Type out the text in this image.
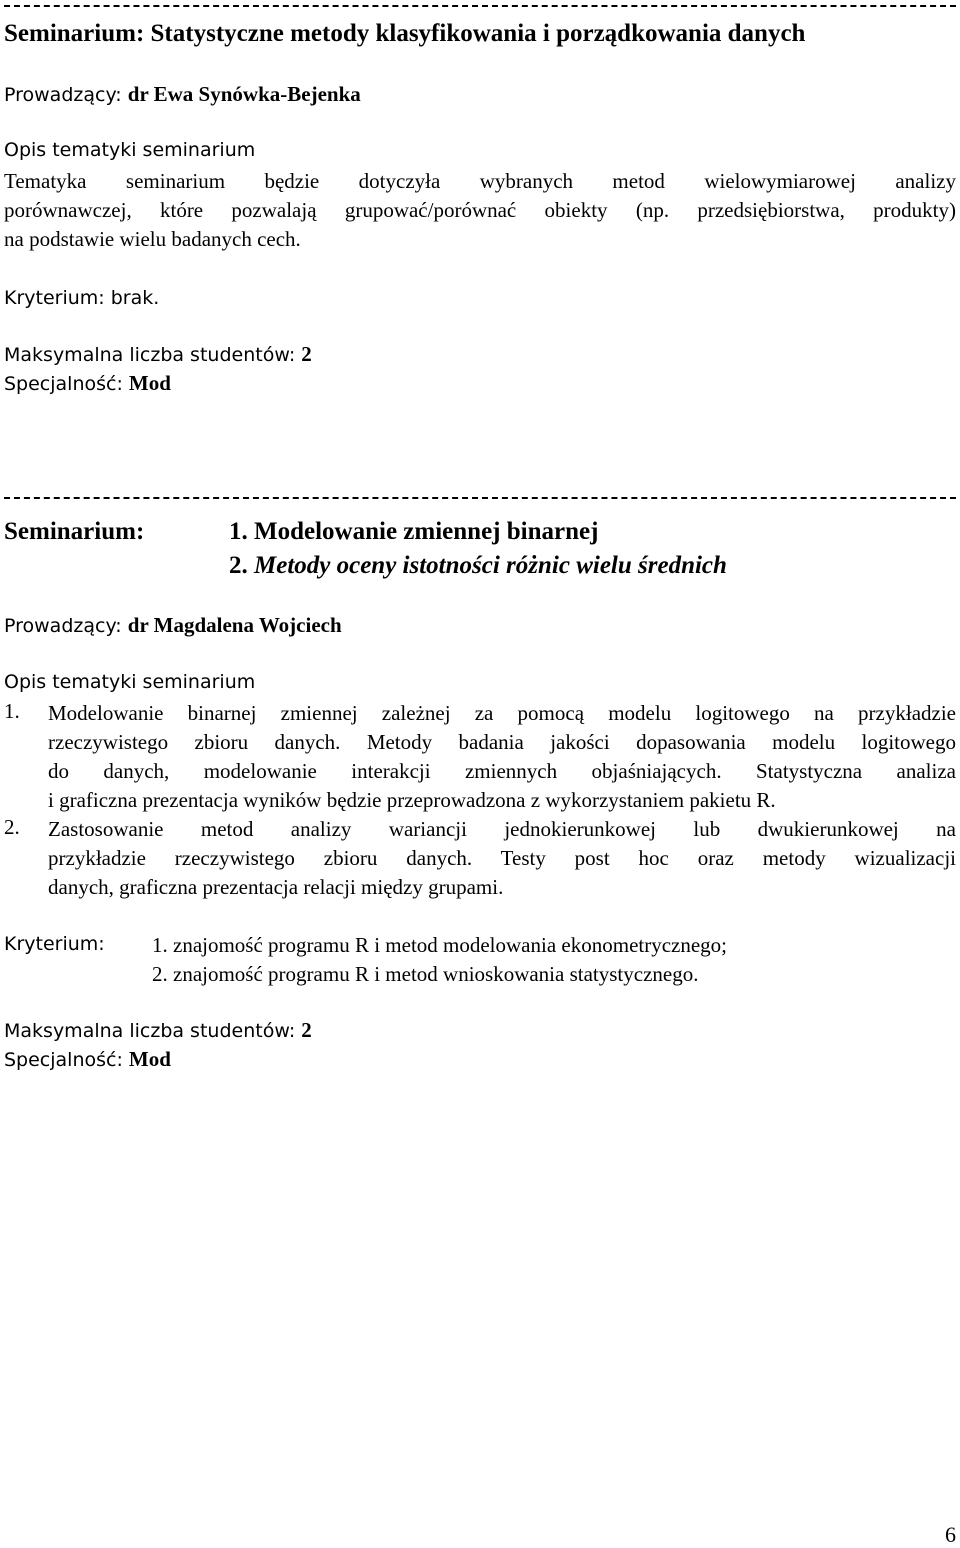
Seminarium: Statystyczne metody klasyfikowania i porządkowania danych
Prowadzący: dr Ewa Synówka-Bejenka
Opis tematyki seminarium
Tematyka seminarium będzie dotyczyła wybranych metod wielowymiarowej analizy
porównawczej, które pozwalają grupować/porównać obiekty (np. przedsiębiorstwa, produkty)
na podstawie wielu badanych cech.
Kryterium: brak.
Maksymalna liczba studentów: 2
Specjalność: Mod
Seminarium:	1. Modelowanie zmiennej binarnej
2. Metody oceny istotności różnic wielu średnich
Prowadzący: dr Magdalena Wojciech
Opis tematyki seminarium
1. Modelowanie binarnej zmiennej zależnej za pomocą modelu logitowego na przykładzie
rzeczywistego zbioru danych. Metody badania jakości dopasowania modelu logitowego
do danych, modelowanie interakcji zmiennych objaśniających. Statystyczna analiza
i graficzna prezentacja wyników będzie przeprowadzona z wykorzystaniem pakietu R.
2. Zastosowanie metod analizy wariancji jednokierunkowej lub dwukierunkowej na
przykładzie rzeczywistego zbioru danych. Testy post hoc oraz metody wizualizacji
danych, graficzna prezentacja relacji między grupami.
Kryterium: 1. znajomość programu R i metod modelowania ekonometrycznego;
2. znajomość programu R i metod wnioskowania statystycznego.
Maksymalna liczba studentów: 2
Specjalność: Mod
6
